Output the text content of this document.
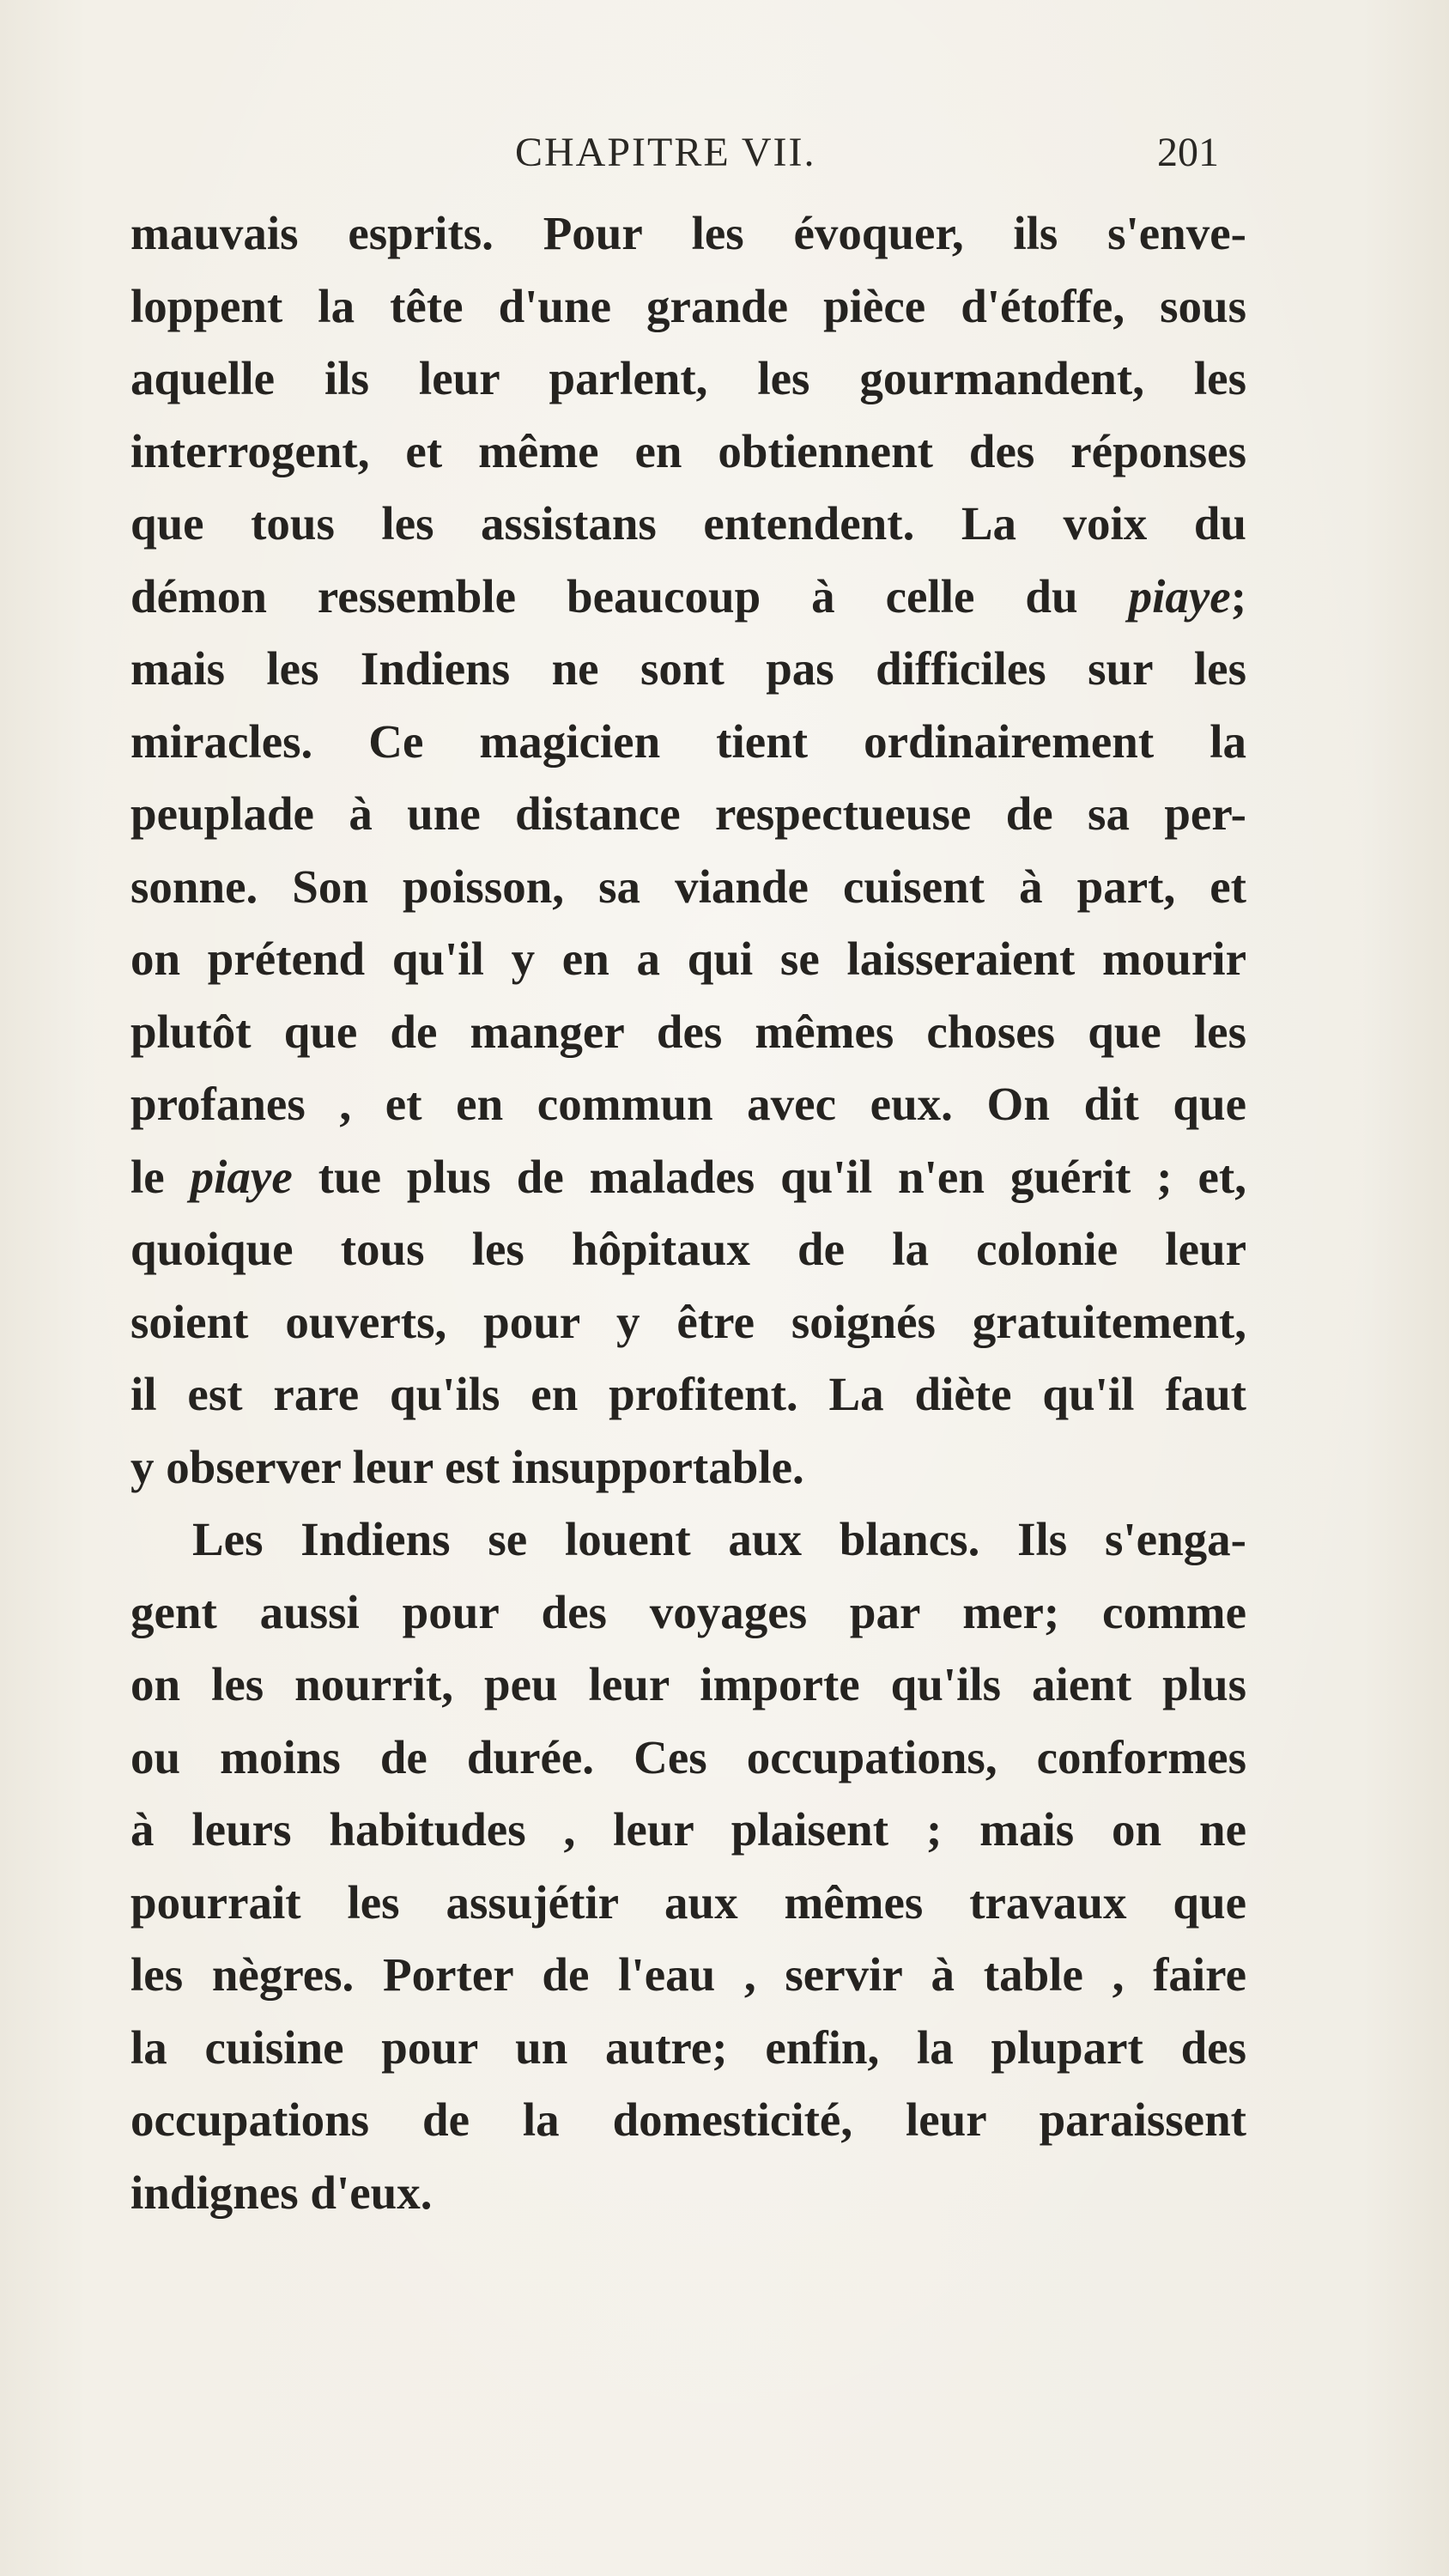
CHAPITRE VII.	201
mauvais esprits. Pour les évoquer, ils s'enve-
loppent la tête d'une grande pièce d'étoffe, sous
aquelle ils leur parlent, les gourmandent, les
interrogent, et même en obtiennent des réponses
que tous les assistans entendent. La voix du
démon ressemble beaucoup à celle du piaye;
mais les Indiens ne sont pas difficiles sur les
miracles. Ce magicien tient ordinairement la
peuplade à une distance respectueuse de sa per-
sonne. Son poisson, sa viande cuisent à part, et
on prétend qu'il y en a qui se laisseraient mourir
plutôt que de manger des mêmes choses que les
profanes , et en commun avec eux. On dit que
le piaye tue plus de malades qu'il n'en guérit ; et,
quoique tous les hôpitaux de la colonie leur
soient ouverts, pour y être soignés gratuitement,
il est rare qu'ils en profitent. La diète qu'il faut
y observer leur est insupportable.
Les Indiens se louent aux blancs. Ils s'enga-
gent aussi pour des voyages par mer; comme
on les nourrit, peu leur importe qu'ils aient plus
ou moins de durée. Ces occupations, conformes
à leurs habitudes , leur plaisent ; mais on ne
pourrait les assujétir aux mêmes travaux que
les nègres. Porter de l'eau , servir à table , faire
la cuisine pour un autre; enfin, la plupart des
occupations de la domesticité, leur paraissent
indignes d'eux.
